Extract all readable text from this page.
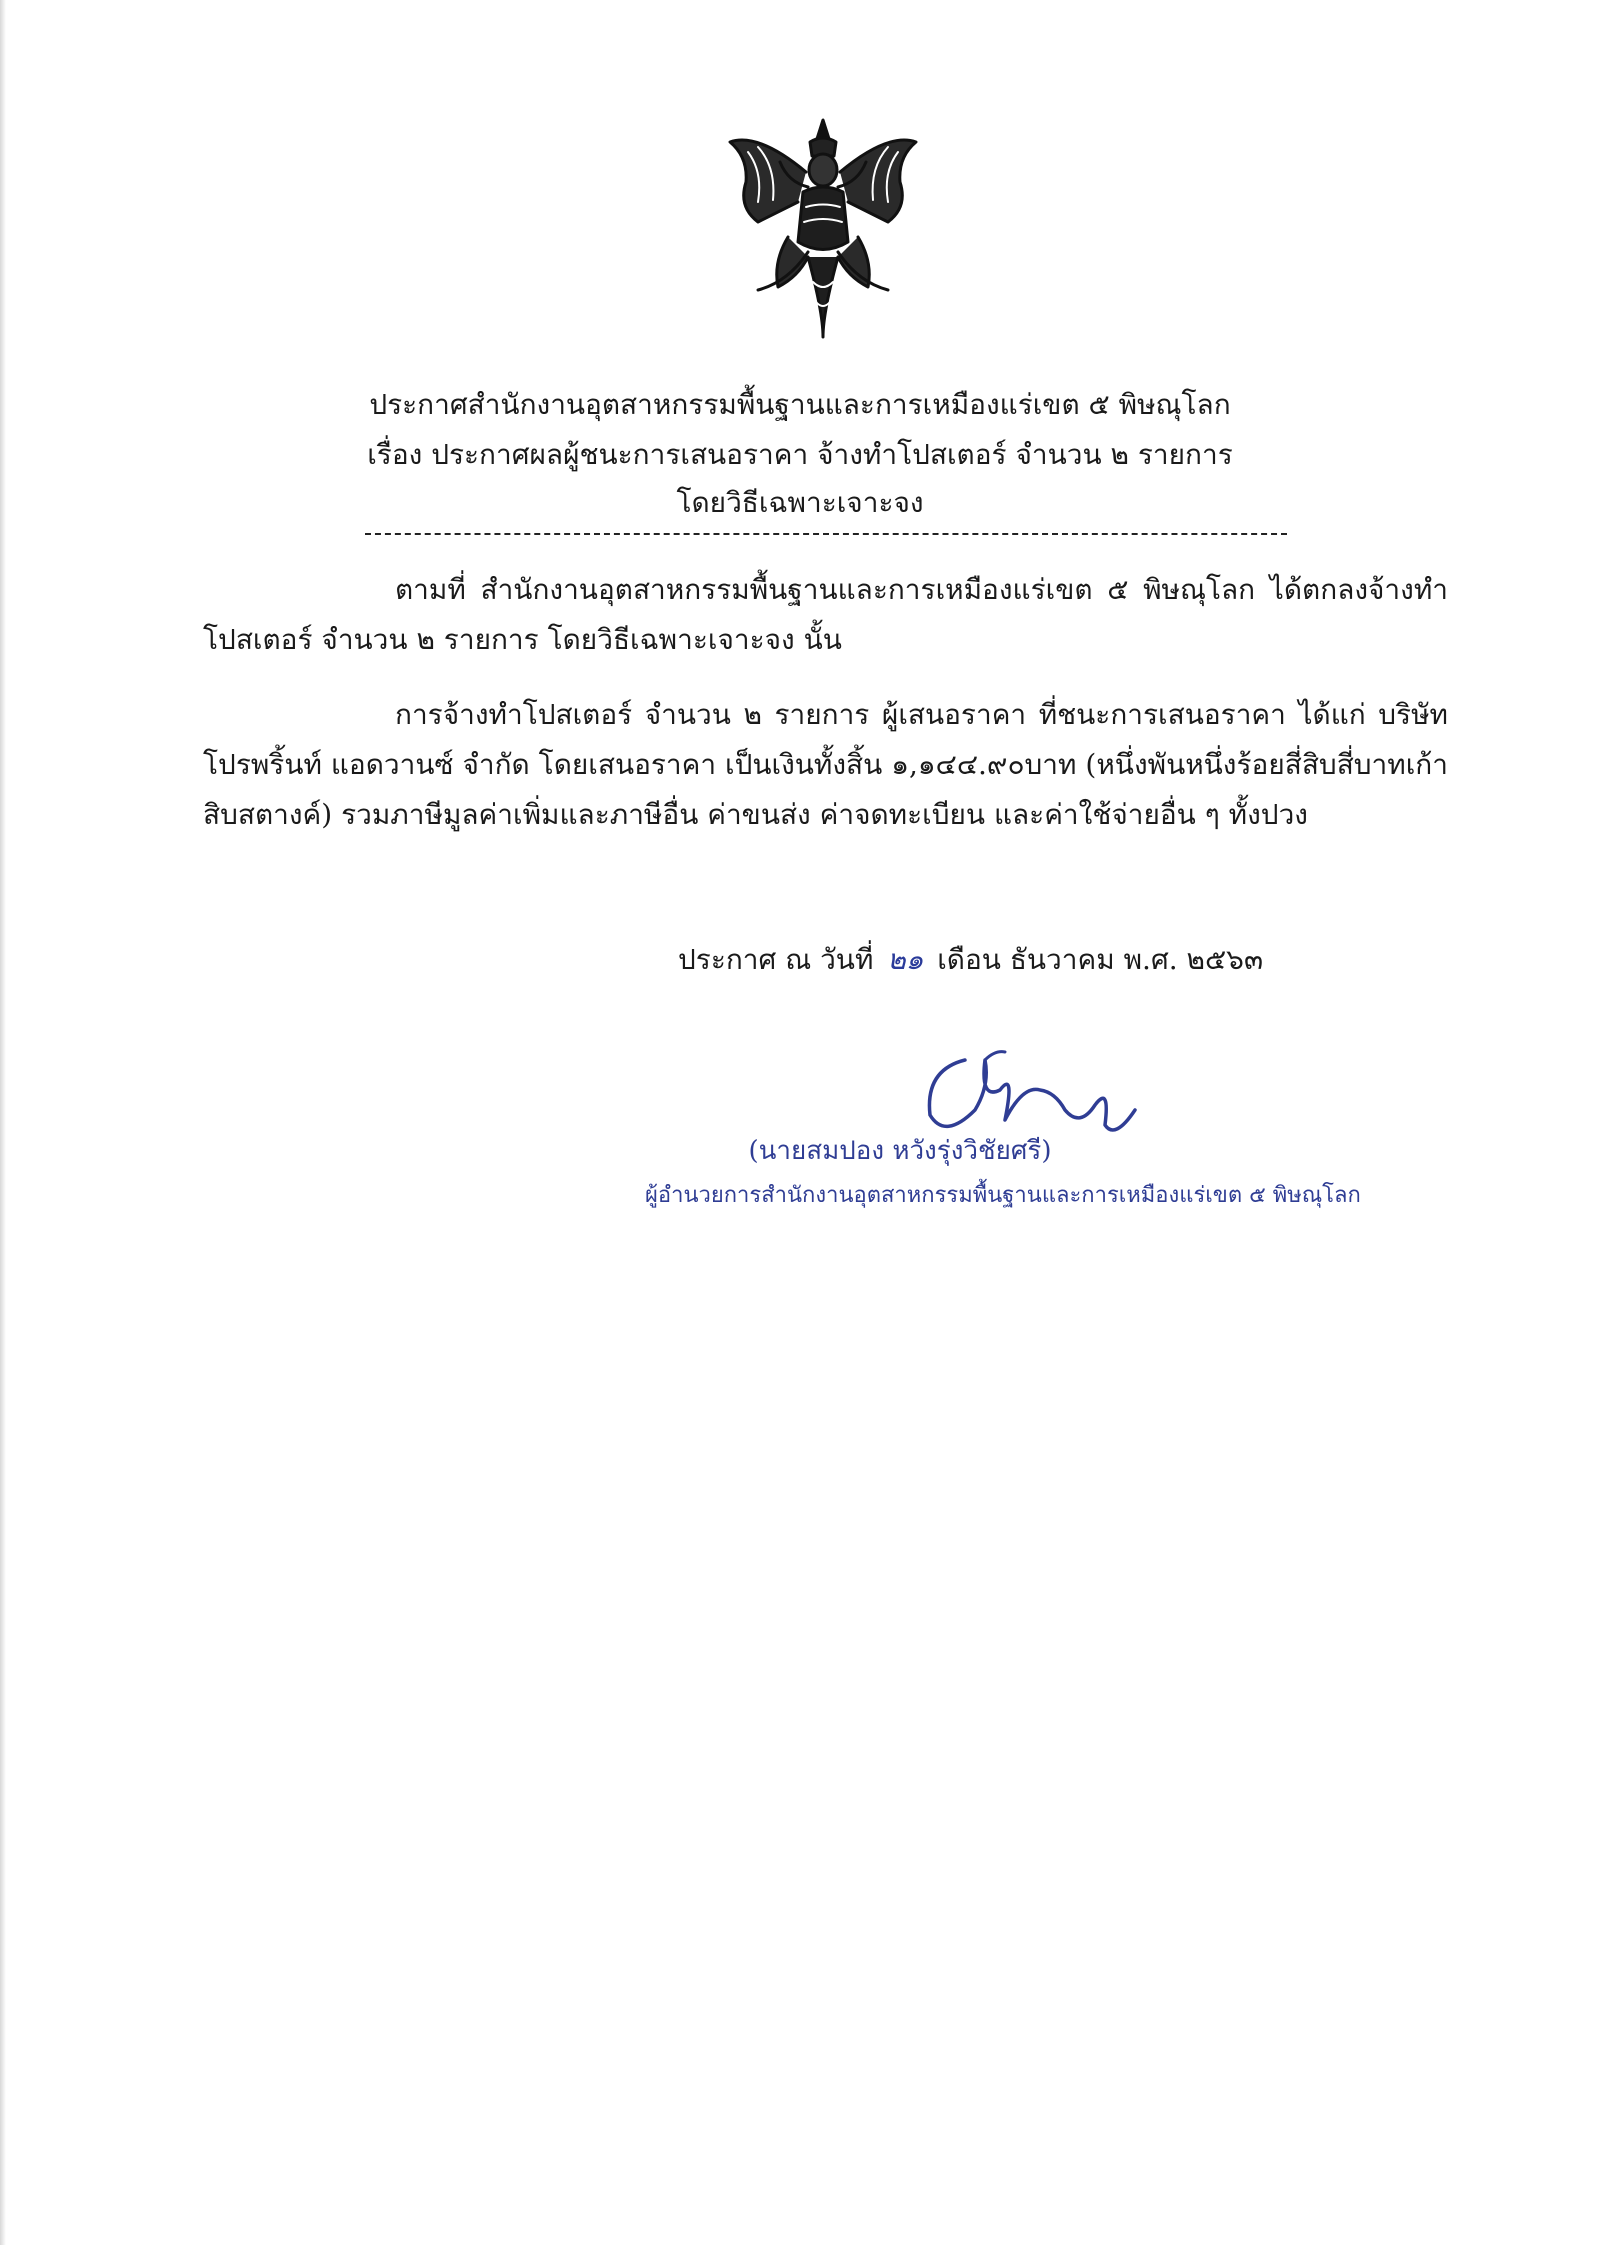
ประกาศสำนักงานอุตสาหกรรมพื้นฐานและการเหมืองแร่เขต ๕ พิษณุโลก
เรื่อง ประกาศผลผู้ชนะการเสนอราคา จ้างทำโปสเตอร์ จำนวน ๒ รายการ
โดยวิธีเฉพาะเจาะจง
ตามที่ สำนักงานอุตสาหกรรมพื้นฐานและการเหมืองแร่เขต ๕ พิษณุโลก ได้ตกลงจ้างทำโปสเตอร์ จำนวน ๒ รายการ โดยวิธีเฉพาะเจาะจง นั้น
การจ้างทำโปสเตอร์ จำนวน ๒ รายการ ผู้เสนอราคา ที่ชนะการเสนอราคา ได้แก่ บริษัท โปรพริ้นท์ แอดวานซ์ จำกัด โดยเสนอราคา เป็นเงินทั้งสิ้น ๑,๑๔๔.๙๐บาท (หนึ่งพันหนึ่งร้อยสี่สิบสี่บาทเก้าสิบสตางค์) รวมภาษีมูลค่าเพิ่มและภาษีอื่น ค่าขนส่ง ค่าจดทะเบียน และค่าใช้จ่ายอื่น ๆ ทั้งปวง
ประกาศ ณ วันที่ ๒๑ เดือน ธันวาคม พ.ศ. ๒๕๖๓
(นายสมปอง หวังรุ่งวิชัยศรี)
ผู้อำนวยการสำนักงานอุตสาหกรรมพื้นฐานและการเหมืองแร่เขต ๕ พิษณุโลก
